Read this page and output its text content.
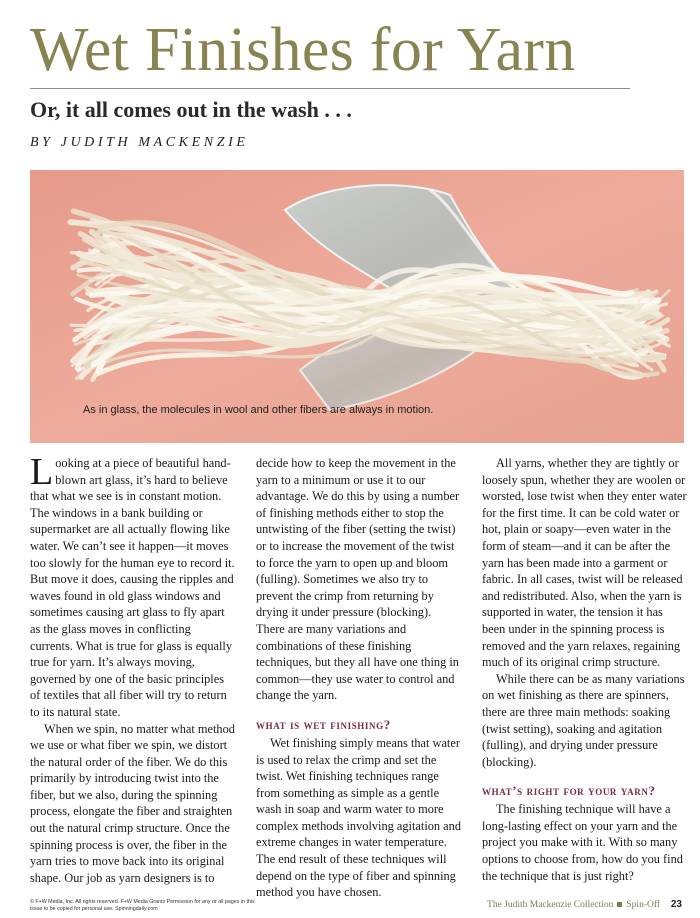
Wet Finishes for Yarn
Or, it all comes out in the wash . . .

BY JUDITH MACKENZIE

As in glass, the molecules in wool and other fibers are always in motion.

Looking at a piece of beautiful hand-blown art glass, it’s hard to believe that what we see is in constant motion. The windows in a bank building or supermarket are all actually flowing like water. We can’t see it happen—it moves too slowly for the human eye to record it. But move it does, causing the ripples and waves found in old glass windows and sometimes causing art glass to fly apart as the glass moves in conflicting currents. What is true for glass is equally true for yarn. It’s always moving, governed by one of the basic principles of textiles that all fiber will try to return to its natural state.

When we spin, no matter what method we use or what fiber we spin, we distort the natural order of the fiber. We do this primarily by introducing twist into the fiber, but we also, during the spinning process, elongate the fiber and straighten out the natural crimp structure. Once the spinning process is over, the fiber in the yarn tries to move back into its original shape. Our job as yarn designers is to

decide how to keep the movement in the yarn to a minimum or use it to our advantage. We do this by using a number of finishing methods either to stop the untwisting of the fiber (setting the twist) or to increase the movement of the twist to force the yarn to open up and bloom (fulling). Sometimes we also try to prevent the crimp from returning by drying it under pressure (blocking). There are many variations and combinations of these finishing techniques, but they all have one thing in common—they use water to control and change the yarn.

what is wet finishing?

Wet finishing simply means that water is used to relax the crimp and set the twist. Wet finishing techniques range from something as simple as a gentle wash in soap and warm water to more complex methods involving agitation and extreme changes in water temperature. The end result of these techniques will depend on the type of fiber and spinning method you have chosen.

All yarns, whether they are tightly or loosely spun, whether they are woolen or worsted, lose twist when they enter water for the first time. It can be cold water or hot, plain or soapy—even water in the form of steam—and it can be after the yarn has been made into a garment or fabric. In all cases, twist will be released and redistributed. Also, when the yarn is supported in water, the tension it has been under in the spinning process is removed and the yarn relaxes, regaining much of its original crimp structure.

While there can be as many variations on wet finishing as there are spinners, there are three main methods: soaking (twist setting), soaking and agitation (fulling), and drying under pressure (blocking).

what’s right for your yarn?

The finishing technique will have a long-lasting effect on your yarn and the project you make with it. With so many options to choose from, how do you find the technique that is just right?

© F+W Media, Inc. All rights reserved. F+W Media Grants Permission for any or all pages in this issue to be copied for personal use. Spinningdaily.com	The Judith Mackenzie Collection Spin-Off 23
